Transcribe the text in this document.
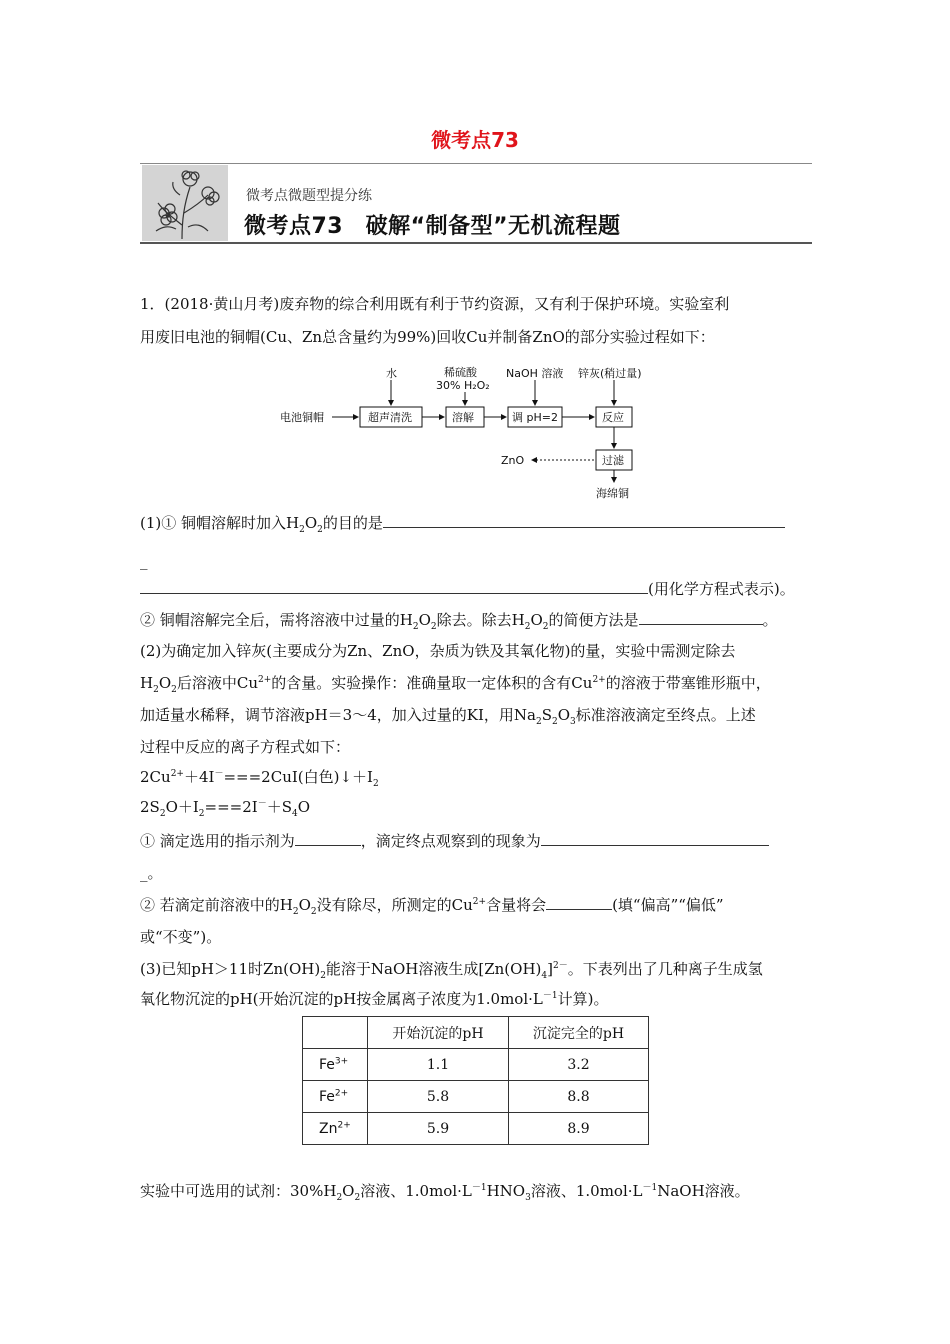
微考点73
微考点微题型提分练
微考点73　破解“制备型”无机流程题
1．(2018·黄山月考)废弃物的综合利用既有利于节约资源，又有利于保护环境。实验室利
用废旧电池的铜帽(Cu、Zn总含量约为99%)回收Cu并制备ZnO的部分实验过程如下：
电池铜帽	超声清洗
水
溶解
稀硫酸
30% H₂O₂
调 pH=2
NaOH 溶液
反应
锌灰(稍过量)
过滤
ZnO
海绵铜
(1)① 铜帽溶解时加入$H_2O_2$的目的是
_
(用化学方程式表示)。
② 铜帽溶解完全后，需将溶液中过量的$H_2O_2$除去。除去$H_2O_2$的简便方法是	。
(2)为确定加入锌灰(主要成分为Zn、ZnO，杂质为铁及其氧化物)的量，实验中需测定除去
$H_2O_2$后溶液中$Cu^{2+}$的含量。实验操作：准确量取一定体积的含有$Cu^{2+}$的溶液于带塞锥形瓶中，
加适量水稀释，调节溶液pH＝3～4，加入过量的KI，用$Na_2S_2O_3$标准溶液滴定至终点。上述
过程中反应的离子方程式如下：
$2Cu^{2+}+4I^-===2CuI$(白色)$↓+I_2$
$2S_2O+I_2===2I^-+S_4O$
① 滴定选用的指示剂为	，滴定终点观察到的现象为
_。
② 若滴定前溶液中的$H_2O_2$没有除尽，所测定的$Cu^{2+}$含量将会	(填“偏高”“偏低”
或“不变”)。
(3)已知pH＞11时$Zn(OH)_2$能溶于NaOH溶液生成$[Zn(OH)_4]^{2-}$。下表列出了几种离子生成氢
氧化物沉淀的pH(开始沉淀的pH按金属离子浓度为$1.0mol\cdot L^{-1}$计算)。
	开始沉淀的pH	沉淀完全的pH
$Fe^{3+}$	1.1	3.2
$Fe^{2+}$	5.8	8.8
$Zn^{2+}$	5.9	8.9
实验中可选用的试剂：$30\%H_2O_2$溶液、$1.0mol\cdot L^{-1}HNO_3$溶液、$1.0mol\cdot L^{-1}NaOH$溶液。
